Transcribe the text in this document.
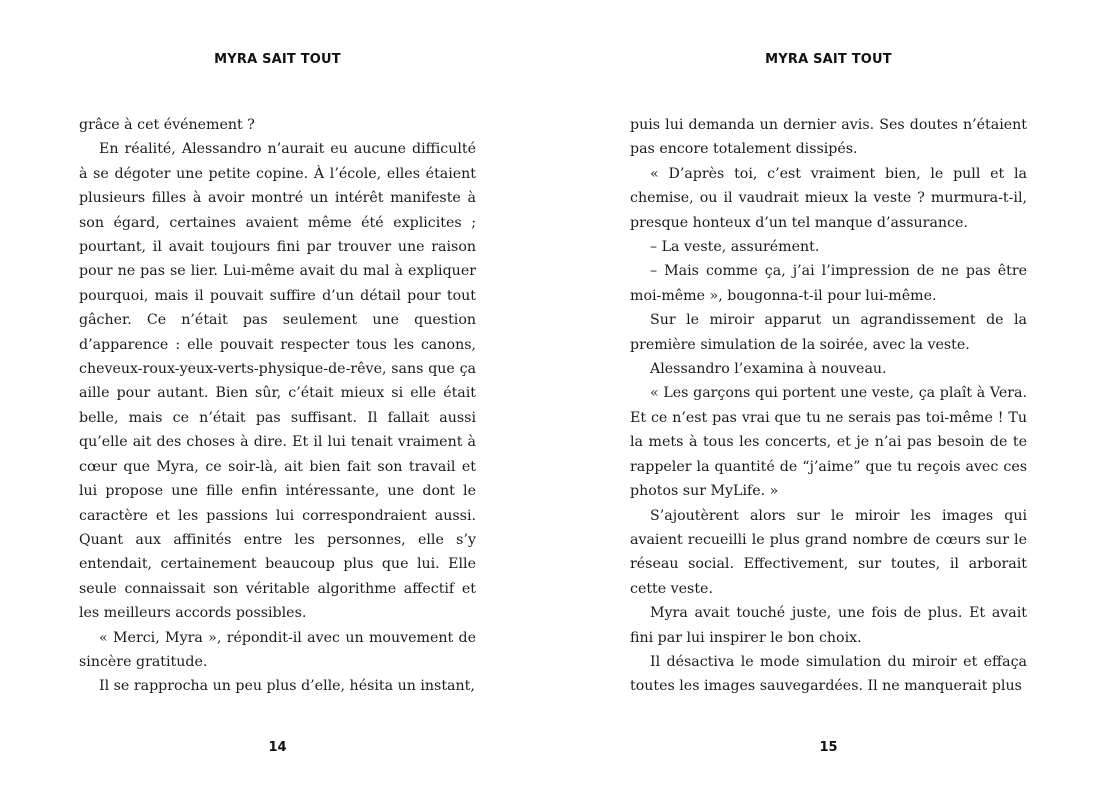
MYRA SAIT TOUT

grâce à cet événement ?

En réalité, Alessandro n’aurait eu aucune difficulté à se dégoter une petite copine. À l’école, elles étaient plusieurs filles à avoir montré un intérêt manifeste à son égard, certaines avaient même été explicites ; pourtant, il avait toujours fini par trouver une raison pour ne pas se lier. Lui-même avait du mal à expliquer pourquoi, mais il pouvait suffire d’un détail pour tout gâcher. Ce n’était pas seulement une question d’apparence : elle pouvait respecter tous les canons, cheveux-roux-yeux-verts-physique-de-rêve, sans que ça aille pour autant. Bien sûr, c’était mieux si elle était belle, mais ce n’était pas suffisant. Il fallait aussi qu’elle ait des choses à dire. Et il lui tenait vraiment à cœur que Myra, ce soir-là, ait bien fait son travail et lui propose une fille enfin intéressante, une dont le caractère et les passions lui correspondraient aussi. Quant aux affinités entre les personnes, elle s’y entendait, certainement beaucoup plus que lui. Elle seule connaissait son véritable algorithme affectif et les meilleurs accords possibles.

« Merci, Myra », répondit-il avec un mouvement de sincère gratitude.

Il se rapprocha un peu plus d’elle, hésita un instant,

14
MYRA SAIT TOUT

puis lui demanda un dernier avis. Ses doutes n’étaient pas encore totalement dissipés.

« D’après toi, c’est vraiment bien, le pull et la chemise, ou il vaudrait mieux la veste ? murmura-t-il, presque honteux d’un tel manque d’assurance.

– La veste, assurément.

– Mais comme ça, j’ai l’impression de ne pas être moi-même », bougonna-t-il pour lui-même.

Sur le miroir apparut un agrandissement de la première simulation de la soirée, avec la veste.

Alessandro l’examina à nouveau.

« Les garçons qui portent une veste, ça plaît à Vera. Et ce n’est pas vrai que tu ne serais pas toi-même ! Tu la mets à tous les concerts, et je n’ai pas besoin de te rappeler la quantité de “j’aime” que tu reçois avec ces photos sur MyLife. »

S’ajoutèrent alors sur le miroir les images qui avaient recueilli le plus grand nombre de cœurs sur le réseau social. Effectivement, sur toutes, il arborait cette veste.

Myra avait touché juste, une fois de plus. Et avait fini par lui inspirer le bon choix.

Il désactiva le mode simulation du miroir et effaça toutes les images sauvegardées. Il ne manquerait plus

15
